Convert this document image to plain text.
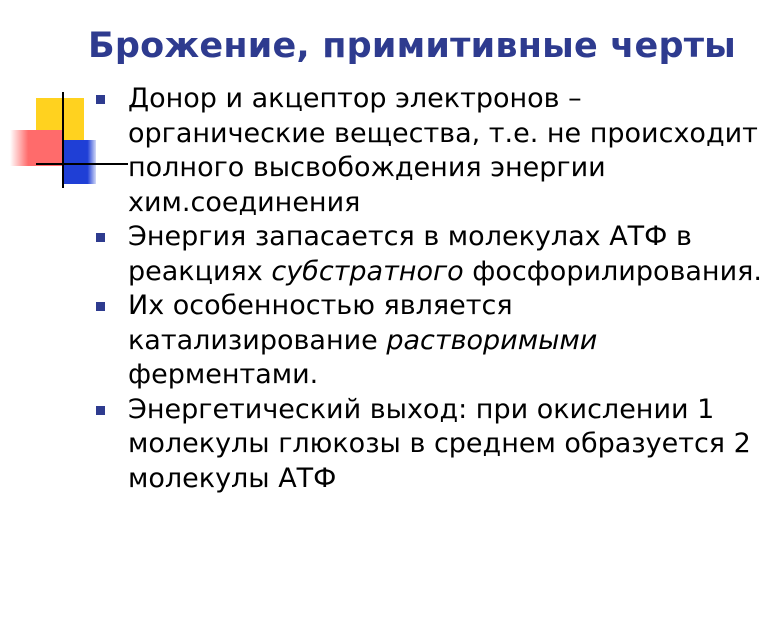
Брожение, примитивные черты
Донор и акцептор электронов – органические вещества, т.е. не происходит полного высвобождения энергии хим.соединения
Энергия запасается в молекулах АТФ в реакциях субстратного фосфорилирования.
Их особенностью является катализирование растворимыми ферментами.
Энергетический выход: при окислении 1 молекулы глюкозы в среднем образуется 2 молекулы АТФ
